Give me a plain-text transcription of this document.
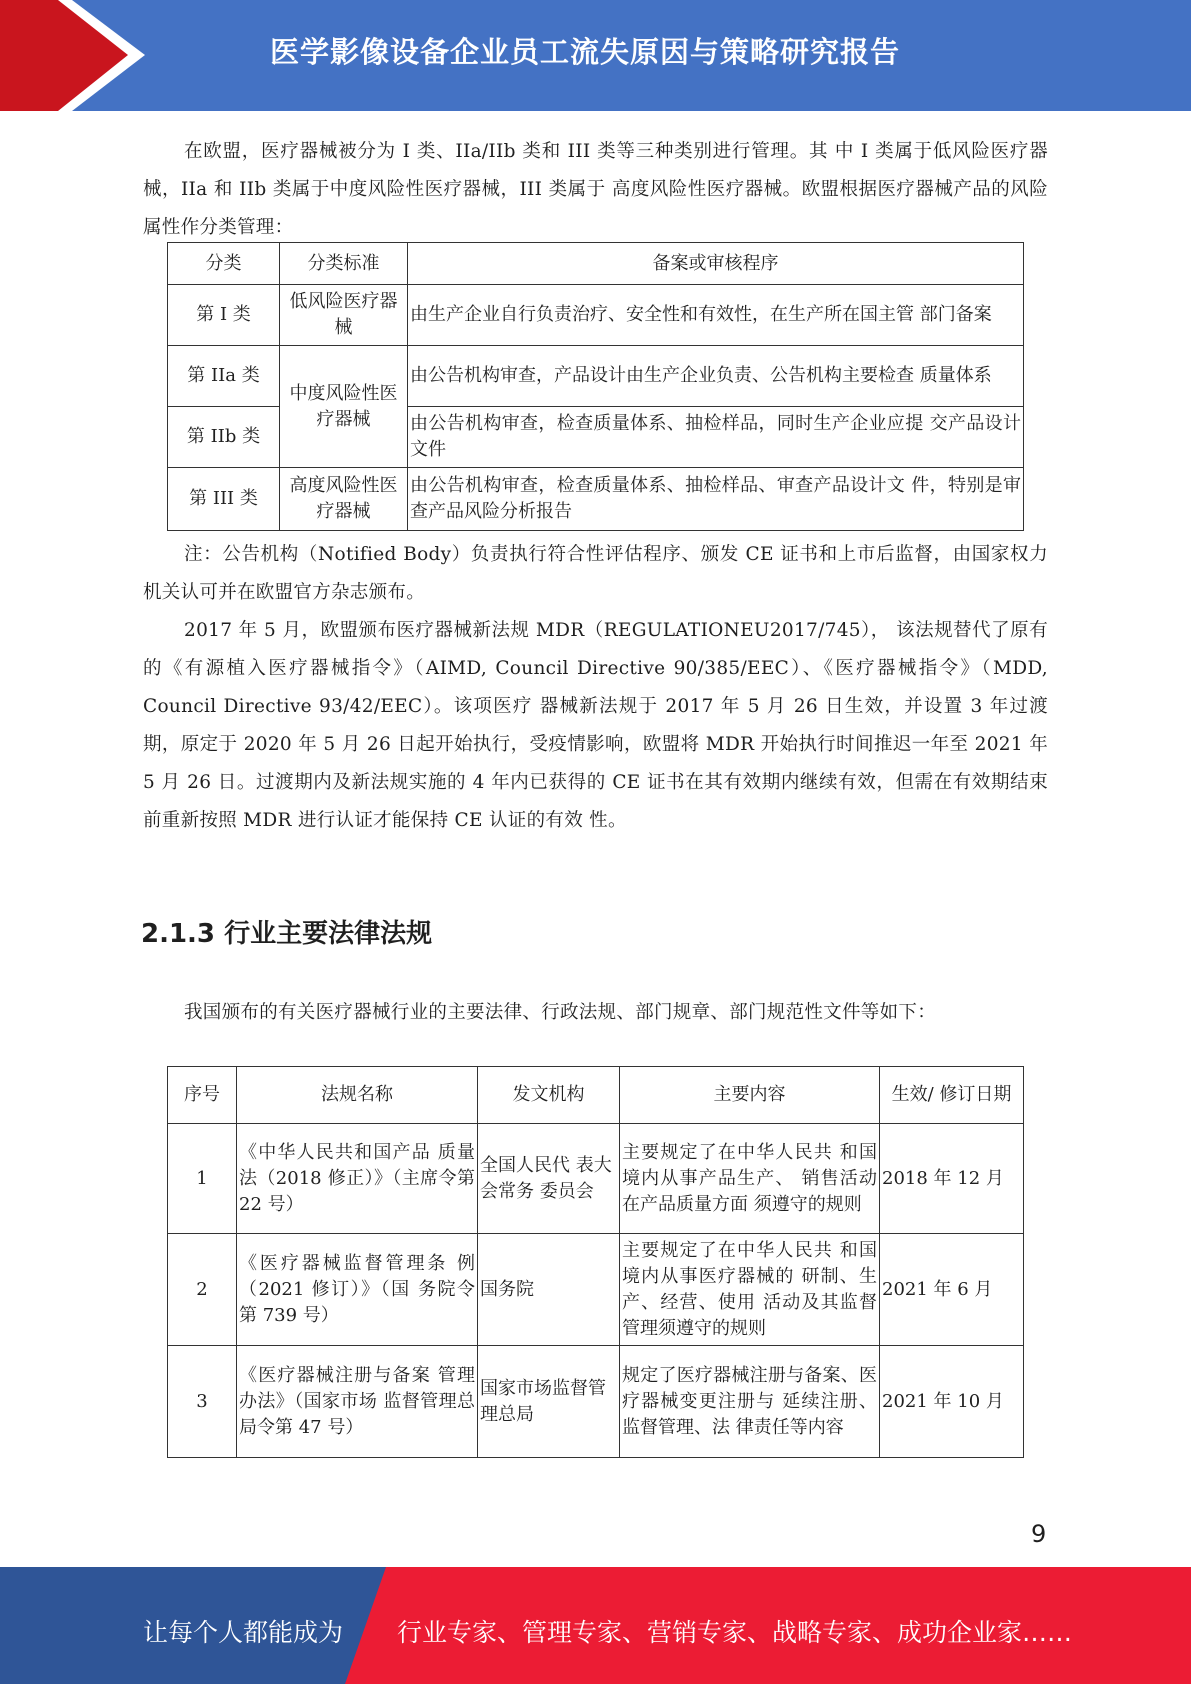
医学影像设备企业员工流失原因与策略研究报告

在欧盟，医疗器械被分为 I 类、IIa/IIb 类和 III 类等三种类别进行管理。其 中 I 类属于低风险医疗器械，IIa 和 IIb 类属于中度风险性医疗器械，III 类属于 高度风险性医疗器械。欧盟根据医疗器械产品的风险属性作分类管理：

分类	分类标准	备案或审核程序
第 I 类	低风险医疗器械	由生产企业自行负责治疗、安全性和有效性，在生产所在国主管 部门备案
第 IIa 类	中度风险性医疗器械	由公告机构审查，产品设计由生产企业负责、公告机构主要检查 质量体系
第 IIb 类		由公告机构审查，检查质量体系、抽检样品，同时生产企业应提 交产品设计文件
第 III 类	高度风险性医疗器械	由公告机构审查，检查质量体系、抽检样品、审查产品设计文 件，特别是审查产品风险分析报告

注：公告机构（Notified Body）负责执行符合性评估程序、颁发 CE 证书和上市后监督，由国家权力机关认可并在欧盟官方杂志颁布。

2017 年 5 月，欧盟颁布医疗器械新法规 MDR（REGULATIONEU2017/745）， 该法规替代了原有的《有源植入医疗器械指令》（AIMD, Council Directive 90/385/EEC）、《医疗器械指令》（MDD, Council Directive 93/42/EEC）。该项医疗 器械新法规于 2017 年 5 月 26 日生效，并设置 3 年过渡期，原定于 2020 年 5 月 26 日起开始执行，受疫情影响，欧盟将 MDR 开始执行时间推迟一年至 2021 年 5 月 26 日。过渡期内及新法规实施的 4 年内已获得的 CE 证书在其有效期内继续有效，但需在有效期结束前重新按照 MDR 进行认证才能保持 CE 认证的有效 性。

2.1.3 行业主要法律法规

我国颁布的有关医疗器械行业的主要法律、行政法规、部门规章、部门规范性文件等如下：

序号	法规名称	发文机构	主要内容	生效/ 修订日期
1	《中华人民共和国产品 质量法（2018 修正）》（主席令第 22 号）	全国人民代 表大会常务 委员会	主要规定了在中华人民共 和国境内从事产品生产、 销售活动在产品质量方面 须遵守的规则	2018 年 12 月
2	《医疗器械监督管理条 例（2021 修订）》（国 务院令第 739 号）	国务院	主要规定了在中华人民共 和国境内从事医疗器械的 研制、生产、经营、使用 活动及其监督管理须遵守的规则	2021 年 6 月
3	《医疗器械注册与备案 管理办法》（国家市场 监督管理总局令第 47 号）	国家市场监督管理总局	规定了医疗器械注册与备案、医疗器械变更注册与 延续注册、监督管理、法 律责任等内容	2021 年 10 月
9
让每个人都能成为 行业专家、管理专家、营销专家、战略专家、成功企业家……
